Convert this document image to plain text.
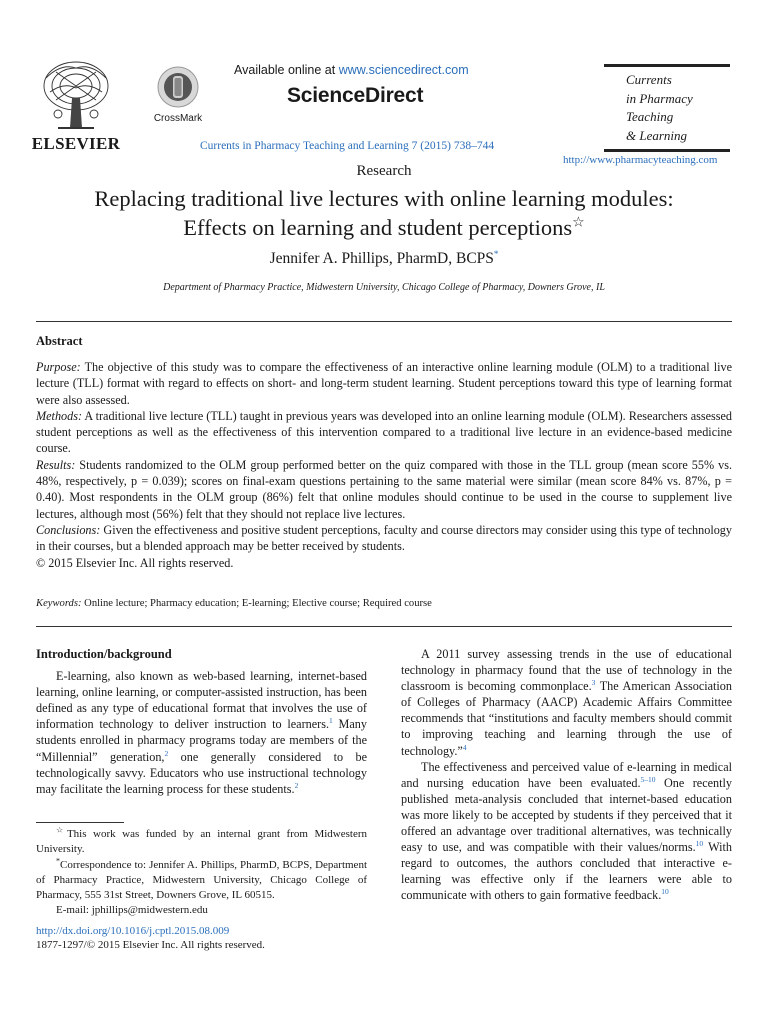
ELSEVIER
CrossMark
Available online at www.sciencedirect.com
ScienceDirect
Currents in Pharmacy Teaching and Learning 7 (2015) 738–744
Currents
in Pharmacy
Teaching
& Learning
http://www.pharmacyteaching.com
Research
Replacing traditional live lectures with online learning modules:
Effects on learning and student perceptions☆
Jennifer A. Phillips, PharmD, BCPS*
Department of Pharmacy Practice, Midwestern University, Chicago College of Pharmacy, Downers Grove, IL
Abstract

Purpose: The objective of this study was to compare the effectiveness of an interactive online learning module (OLM) to a traditional live lecture (TLL) format with regard to effects on short- and long-term student learning. Student perceptions toward this type of learning format were also assessed.

Methods: A traditional live lecture (TLL) taught in previous years was developed into an online learning module (OLM). Researchers assessed student perceptions as well as the effectiveness of this intervention compared to a traditional live lecture in an evidence-based medicine course.

Results: Students randomized to the OLM group performed better on the quiz compared with those in the TLL group (mean score 55% vs. 48%, respectively, p = 0.039); scores on final-exam questions pertaining to the same material were similar (mean score 84% vs. 87%, p = 0.40). Most respondents in the OLM group (86%) felt that online modules should continue to be used in the course to supplement live lectures, although most (56%) felt that they should not replace live lectures.

Conclusions: Given the effectiveness and positive student perceptions, faculty and course directors may consider using this type of technology in their courses, but a blended approach may be better received by students.

© 2015 Elsevier Inc. All rights reserved.

Keywords: Online lecture; Pharmacy education; E-learning; Elective course; Required course

Introduction/background

E-learning, also known as web-based learning, internet-based learning, online learning, or computer-assisted instruction, has been defined as any type of educational format that involves the use of information technology to deliver instruction to learners.$^1$ Many students enrolled in pharmacy programs today are members of the “Millennial” generation,$^2$ one generally considered to be technologically savvy. Educators who use instructional technology may facilitate the learning process for these students.$^2$

☆This work was funded by an internal grant from Midwestern University.

*Correspondence to: Jennifer A. Phillips, PharmD, BCPS, Department of Pharmacy Practice, Midwestern University, Chicago College of Pharmacy, 555 31st Street, Downers Grove, IL 60515.

E-mail: jphillips@midwestern.edu

http://dx.doi.org/10.1016/j.cptl.2015.08.009
1877-1297/© 2015 Elsevier Inc. All rights reserved.

A 2011 survey assessing trends in the use of educational technology in pharmacy found that the use of technology in the classroom is becoming commonplace.$^3$ The American Association of Colleges of Pharmacy (AACP) Academic Affairs Committee recommends that “institutions and faculty members should commit to improving teaching and learning through the use of technology.”$^4$

The effectiveness and perceived value of e-learning in medical and nursing education have been evaluated.$^{5-10}$ One recently published meta-analysis concluded that internet-based education was more likely to be accepted by students if they perceived that it offered an advantage over traditional alternatives, was technically easy to use, and was compatible with their values/norms.$^{10}$ With regard to outcomes, the authors concluded that interactive e-learning was effective only if the learners were able to communicate with others to gain formative feedback.$^{10}$
